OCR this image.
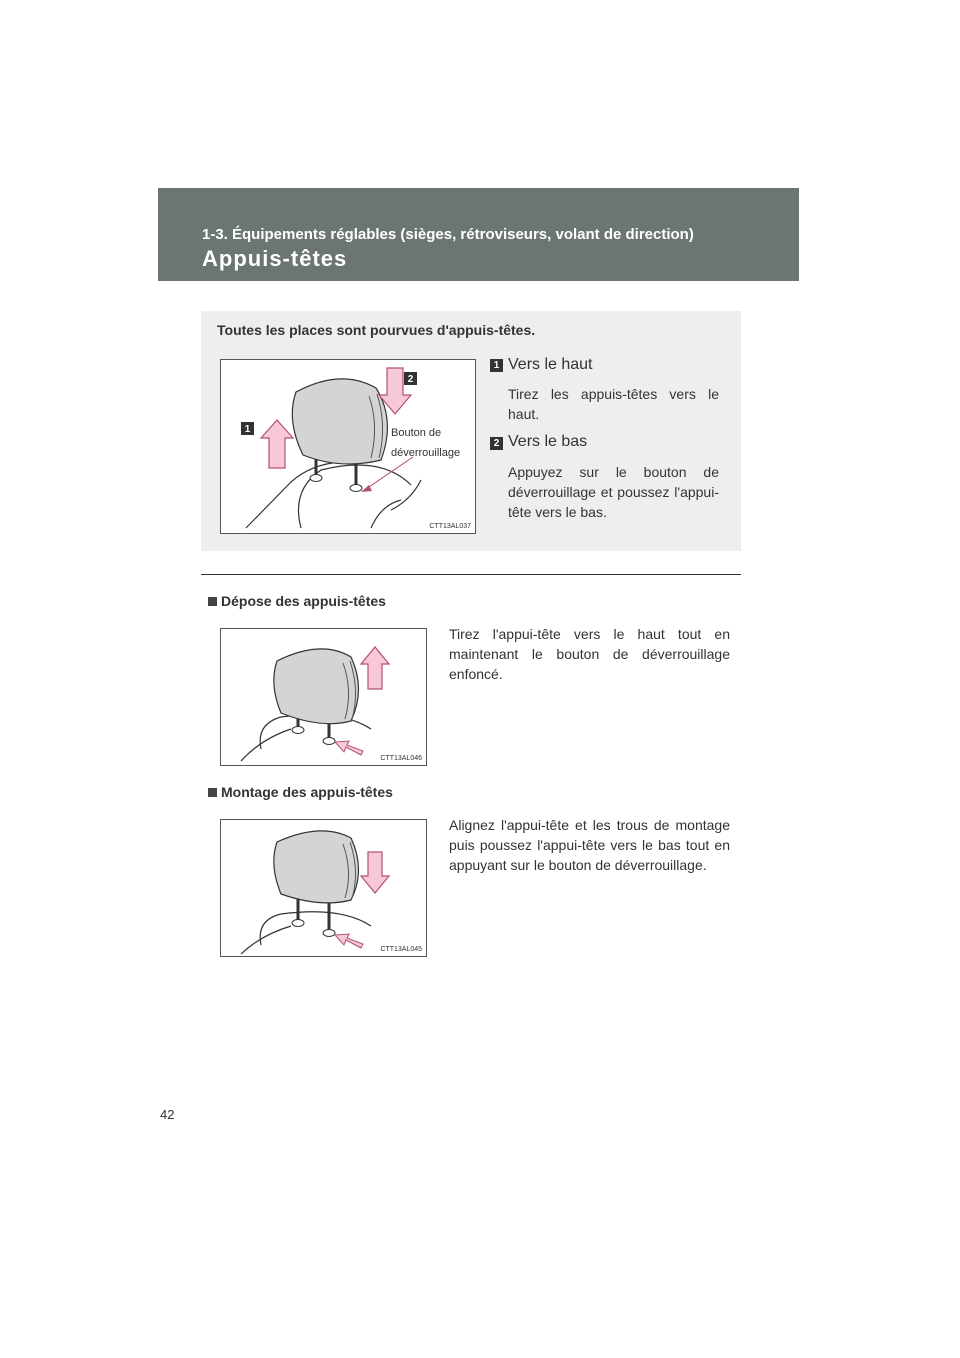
1-3. Équipements réglables (sièges, rétroviseurs, volant de direction)
Appuis-têtes
Toutes les places sont pourvues d'appuis-têtes.
1
2
Bouton de
déverrouillage
CTT13AL037
1 Vers le haut
Tirez les appuis-têtes vers le haut.
2 Vers le bas
Appuyez sur le bouton de déverrouillage et poussez l'appui-tête vers le bas.
Dépose des appuis-têtes
CTT13AL046
Tirez l'appui-tête vers le haut tout en maintenant le bouton de déverrouillage enfoncé.
Montage des appuis-têtes
CTT13AL045
Alignez l'appui-tête et les trous de montage puis poussez l'appui-tête vers le bas tout en appuyant sur le bouton de déverrouillage.
42
